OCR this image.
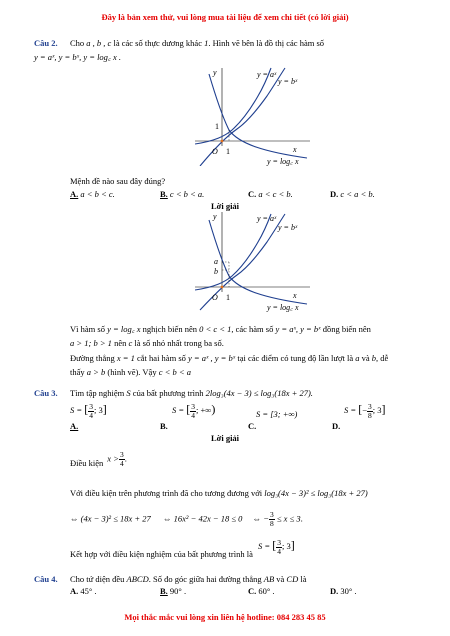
Đây là bản xem thử, vui lòng mua tài liệu để xem chi tiết (có lời giải)
Câu 2. Cho a , b , c là các số thực dương khác 1. Hình vẽ bên là đồ thị các hàm số
y = aˣ, y = bˣ, y = log꜀ x .
y
x
O 1
1
y = aˣ
y = bˣ
y = log꜀ x
Mệnh đề nào sau đây đúng?
A. a < b < c.	B. c < b < a.	C. a < c < b.	D. c < a < b.
Lời giải
y
x
O 1
a
b
y = aˣ
y = bˣ
y = log꜀ x
Vì hàm số y = log꜀ x nghịch biến nên 0 < c < 1, các hàm số y = aˣ, y = bˣ đồng biến nên
a > 1; b > 1 nên c là số nhỏ nhất trong ba số.
Đường thẳng x = 1 cắt hai hàm số y = aˣ , y = bˣ tại các điểm có tung độ lần lượt là a và b, dễ
thấy a > b (hình vẽ). Vậy c < b < a
Câu 3. Tìm tập nghiệm S của bất phương trình 2log₃(4x − 3) ≤ log₃(18x + 27).
S = [ $\frac{3}{4}$ ; 3]
A.
S = [ $\frac{3}{4}$ ; +∞)
B.
S = [3; +∞)
C.
S = [− $\frac{3}{8}$ ; 3]
D.
Lời giải
Điều kiện $x > \frac{3}{4}$ .
Với điều kiện trên phương trình đã cho tương đương với log₃(4x − 3)² ≤ log₃(18x + 27)
⇔ (4x − 3)² ≤ 18x + 27 ⇔ 16x² − 42x − 18 ≤ 0 ⇔ − $\frac{3}{8} \le x \le 3$.
Kết hợp với điều kiện nghiệm của bất phương trình là
S = [ $\frac{3}{4}$ ; 3]
Câu 4. Cho tứ diện đều ABCD. Số đo góc giữa hai đường thẳng AB và CD là
A. 45° .	B. 90° .	C. 60° .	D. 30° .
Mọi thắc mắc vui lòng xin liên hệ hotline: 084 283 45 85
